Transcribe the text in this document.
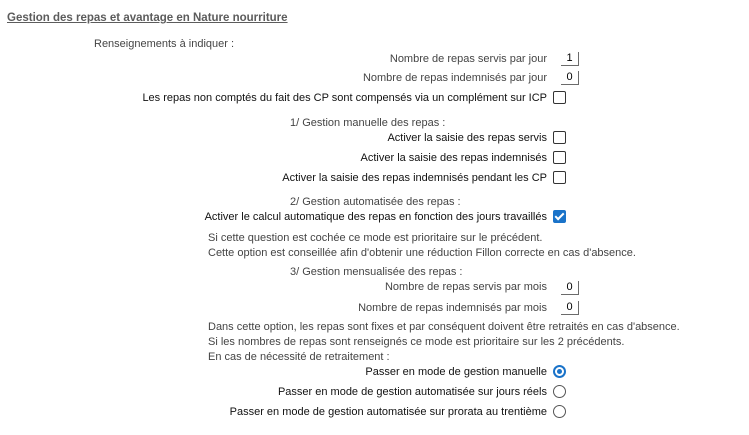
Gestion des repas et avantage en Nature nourriture
Renseignements à indiquer :
Nombre de repas servis par jour	1
Nombre de repas indemnisés par jour	0
Les repas non comptés du fait des CP sont compensés via un complément sur ICP
1/ Gestion manuelle des repas :
Activer la saisie des repas servis
Activer la saisie des repas indemnisés
Activer la saisie des repas indemnisés pendant les CP
2/ Gestion automatisée des repas :
Activer le calcul automatique des repas en fonction des jours travaillés
Si cette question est cochée ce mode est prioritaire sur le précédent.
Cette option est conseillée afin d'obtenir une réduction Fillon correcte en cas d'absence.
3/ Gestion mensualisée des repas :
Nombre de repas servis par mois	0
Nombre de repas indemnisés par mois	0
Dans cette option, les repas sont fixes et par conséquent doivent être retraités en cas d'absence.
Si les nombres de repas sont renseignés ce mode est prioritaire sur les 2 précédents.
En cas de nécessité de retraitement :
Passer en mode de gestion manuelle
Passer en mode de gestion automatisée sur jours réels
Passer en mode de gestion automatisée sur prorata au trentième
